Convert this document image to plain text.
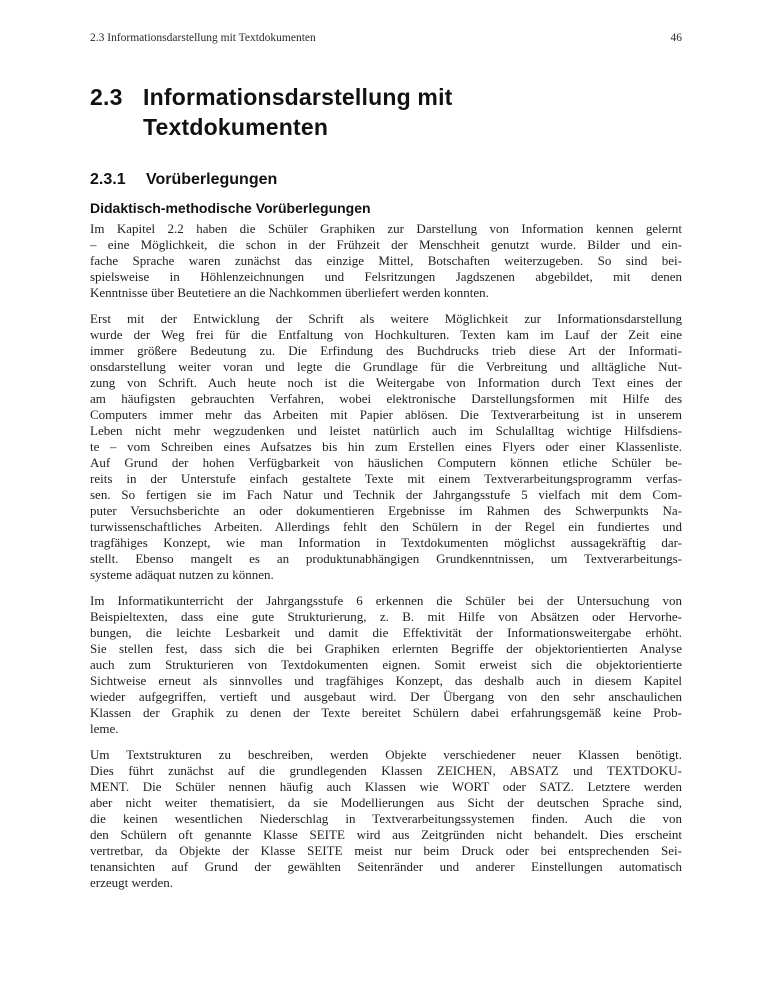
2.3 Informationsdarstellung mit Textdokumenten	46
2.3 Informationsdarstellung mit
Textdokumenten
2.3.1	Vorüberlegungen
Didaktisch-methodische Vorüberlegungen
Im Kapitel 2.2 haben die Schüler Graphiken zur Darstellung von Information kennen gelernt
– eine Möglichkeit, die schon in der Frühzeit der Menschheit genutzt wurde. Bilder und ein-
fache Sprache waren zunächst das einzige Mittel, Botschaften weiterzugeben. So sind bei-
spielsweise in Höhlenzeichnungen und Felsritzungen Jagdszenen abgebildet, mit denen
Kenntnisse über Beutetiere an die Nachkommen überliefert werden konnten.
Erst mit der Entwicklung der Schrift als weitere Möglichkeit zur Informationsdarstellung
wurde der Weg frei für die Entfaltung von Hochkulturen. Texten kam im Lauf der Zeit eine
immer größere Bedeutung zu. Die Erfindung des Buchdrucks trieb diese Art der Informati-
onsdarstellung weiter voran und legte die Grundlage für die Verbreitung und alltägliche Nut-
zung von Schrift. Auch heute noch ist die Weitergabe von Information durch Text eines der
am häufigsten gebrauchten Verfahren, wobei elektronische Darstellungsformen mit Hilfe des
Computers immer mehr das Arbeiten mit Papier ablösen. Die Textverarbeitung ist in unserem
Leben nicht mehr wegzudenken und leistet natürlich auch im Schulalltag wichtige Hilfsdiens-
te – vom Schreiben eines Aufsatzes bis hin zum Erstellen eines Flyers oder einer Klassenliste.
Auf Grund der hohen Verfügbarkeit von häuslichen Computern können etliche Schüler be-
reits in der Unterstufe einfach gestaltete Texte mit einem Textverarbeitungsprogramm verfas-
sen. So fertigen sie im Fach Natur und Technik der Jahrgangsstufe 5 vielfach mit dem Com-
puter Versuchsberichte an oder dokumentieren Ergebnisse im Rahmen des Schwerpunkts Na-
turwissenschaftliches Arbeiten. Allerdings fehlt den Schülern in der Regel ein fundiertes und
tragfähiges Konzept, wie man Information in Textdokumenten möglichst aussagekräftig dar-
stellt. Ebenso mangelt es an produktunabhängigen Grundkenntnissen, um Textverarbeitungs-
systeme adäquat nutzen zu können.
Im Informatikunterricht der Jahrgangsstufe 6 erkennen die Schüler bei der Untersuchung von
Beispieltexten, dass eine gute Strukturierung, z. B. mit Hilfe von Absätzen oder Hervorhe-
bungen, die leichte Lesbarkeit und damit die Effektivität der Informationsweitergabe erhöht.
Sie stellen fest, dass sich die bei Graphiken erlernten Begriffe der objektorientierten Analyse
auch zum Strukturieren von Textdokumenten eignen. Somit erweist sich die objektorientierte
Sichtweise erneut als sinnvolles und tragfähiges Konzept, das deshalb auch in diesem Kapitel
wieder aufgegriffen, vertieft und ausgebaut wird. Der Übergang von den sehr anschaulichen
Klassen der Graphik zu denen der Texte bereitet Schülern dabei erfahrungsgemäß keine Prob-
leme.
Um Textstrukturen zu beschreiben, werden Objekte verschiedener neuer Klassen benötigt.
Dies führt zunächst auf die grundlegenden Klassen ZEICHEN, ABSATZ und TEXTDOKU-
MENT. Die Schüler nennen häufig auch Klassen wie WORT oder SATZ. Letztere werden
aber nicht weiter thematisiert, da sie Modellierungen aus Sicht der deutschen Sprache sind,
die keinen wesentlichen Niederschlag in Textverarbeitungssystemen finden. Auch die von
den Schülern oft genannte Klasse SEITE wird aus Zeitgründen nicht behandelt. Dies erscheint
vertretbar, da Objekte der Klasse SEITE meist nur beim Druck oder bei entsprechenden Sei-
tenansichten auf Grund der gewählten Seitenränder und anderer Einstellungen automatisch
erzeugt werden.
